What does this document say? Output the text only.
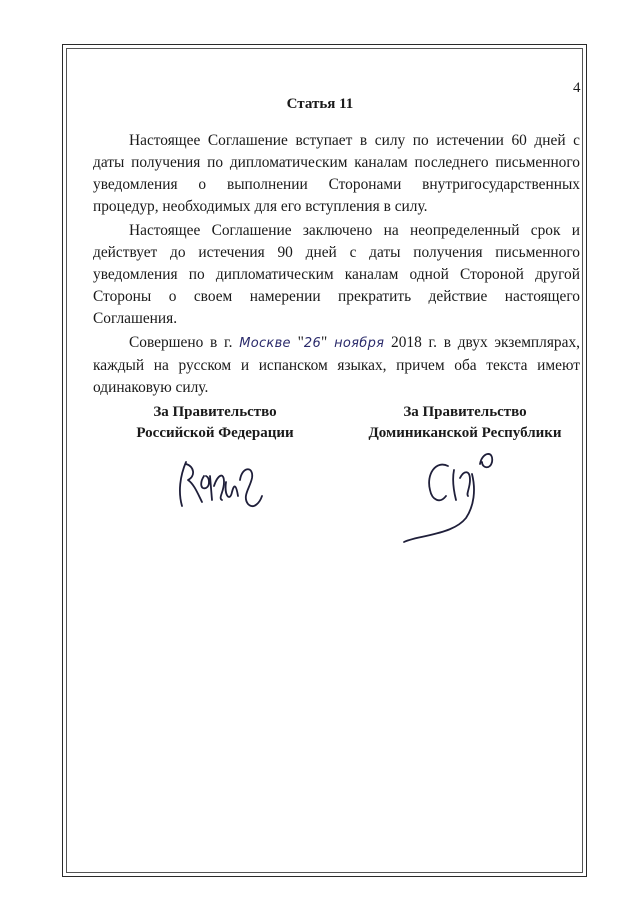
4
Статья 11

Настоящее Соглашение вступает в силу по истечении 60 дней с даты получения по дипломатическим каналам последнего письменного уведомления о выполнении Сторонами внутригосударственных процедур, необходимых для его вступления в силу.

Настоящее Соглашение заключено на неопределенный срок и действует до истечения 90 дней с даты получения письменного уведомления по дипломатическим каналам одной Стороной другой Стороны о своем намерении прекратить действие настоящего Соглашения.

Совершено в г. Москве "26" ноября 2018 г. в двух экземплярах, каждый на русском и испанском языках, причем оба текста имеют одинаковую силу.

За Правительство
Российской Федерации
За Правительство
Доминиканской Республики
